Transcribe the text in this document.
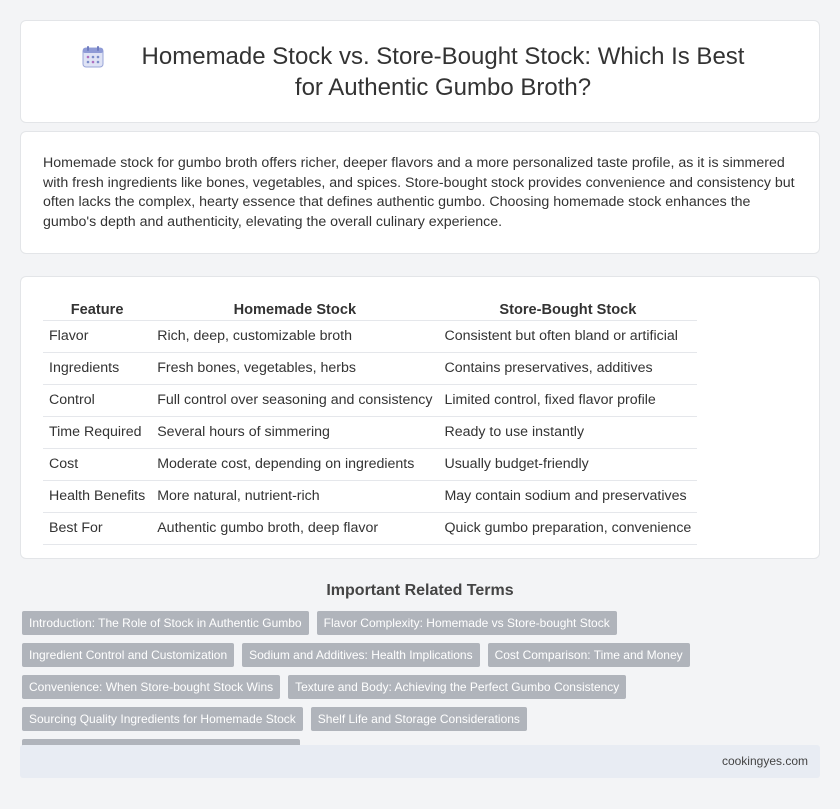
Homemade Stock vs. Store-Bought Stock: Which Is Best for Authentic Gumbo Broth?

Homemade stock for gumbo broth offers richer, deeper flavors and a more personalized taste profile, as it is simmered with fresh ingredients like bones, vegetables, and spices. Store-bought stock provides convenience and consistency but often lacks the complex, hearty essence that defines authentic gumbo. Choosing homemade stock enhances the gumbo's depth and authenticity, elevating the overall culinary experience.

Feature	Homemade Stock	Store-Bought Stock
Flavor	Rich, deep, customizable broth	Consistent but often bland or artificial
Ingredients	Fresh bones, vegetables, herbs	Contains preservatives, additives
Control	Full control over seasoning and consistency	Limited control, fixed flavor profile
Time Required	Several hours of simmering	Ready to use instantly
Cost	Moderate cost, depending on ingredients	Usually budget-friendly
Health Benefits	More natural, nutrient-rich	May contain sodium and preservatives
Best For	Authentic gumbo broth, deep flavor	Quick gumbo preparation, convenience
Important Related Terms
Introduction: The Role of Stock in Authentic Gumbo	Flavor Complexity: Homemade vs Store-bought Stock
Ingredient Control and Customization	Sodium and Additives: Health Implications	Cost Comparison: Time and Money
Convenience: When Store-bought Stock Wins	Texture and Body: Achieving the Perfect Gumbo Consistency
Sourcing Quality Ingredients for Homemade Stock	Shelf Life and Storage Considerations
cookingyes.com
